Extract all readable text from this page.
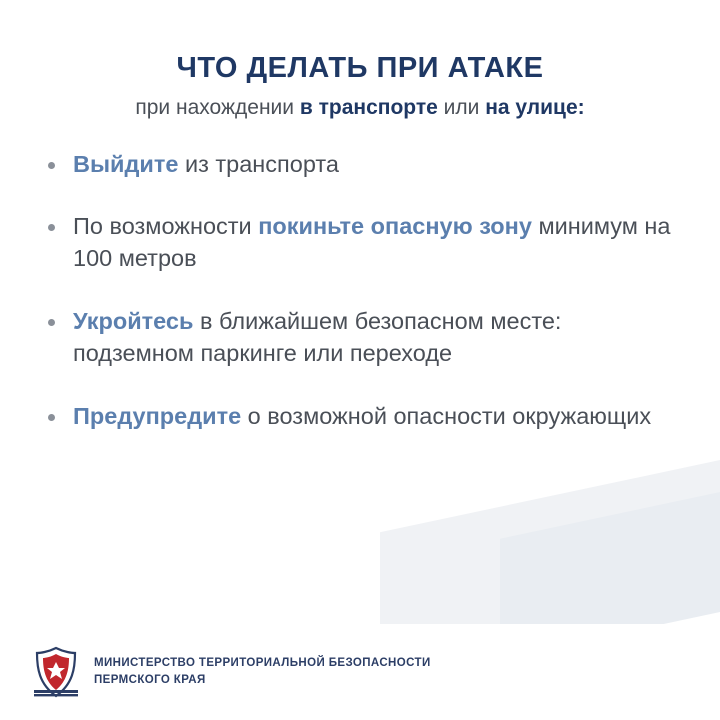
ЧТО ДЕЛАТЬ ПРИ АТАКЕ
при нахождении в транспорте или на улице:
Выйдите из транспорта
По возможности покиньте опасную зону минимум на 100 метров
Укройтесь в ближайшем безопасном месте: подземном паркинге или переходе
Предупредите о возможной опасности окружающих
МИНИСТЕРСТВО ТЕРРИТОРИАЛЬНОЙ БЕЗОПАСНОСТИ
ПЕРМСКОГО КРАЯ
